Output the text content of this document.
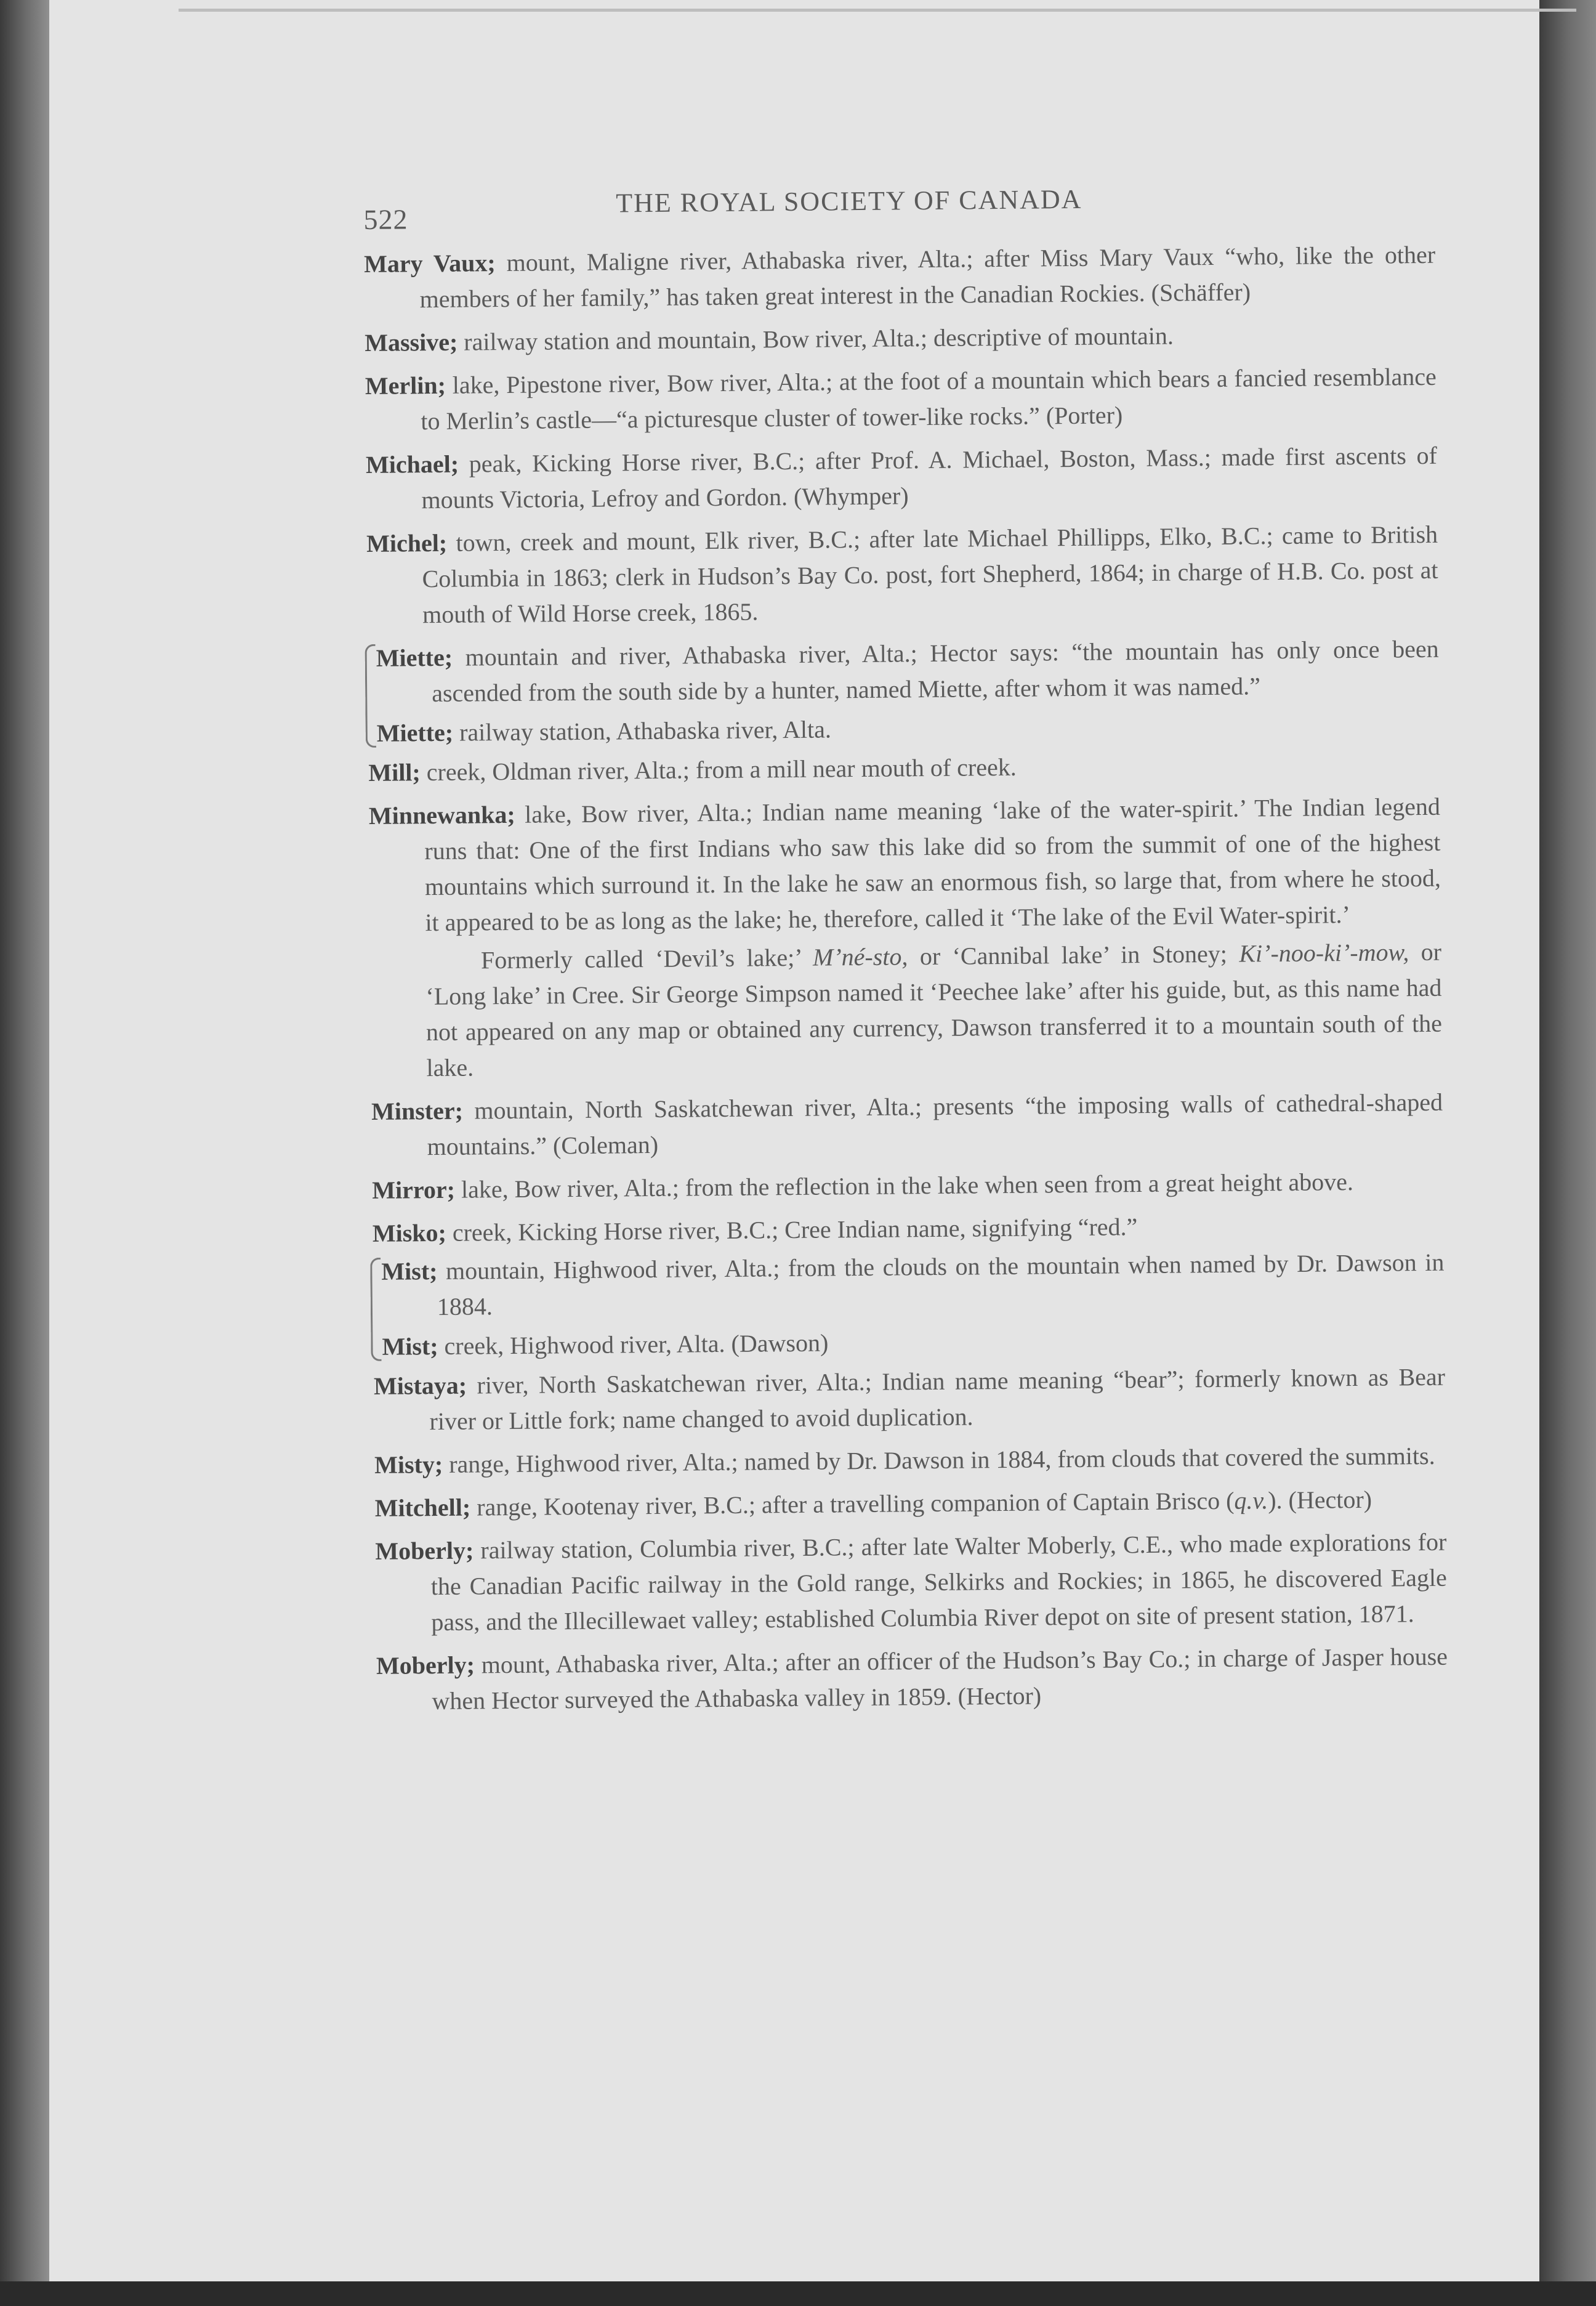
522
THE ROYAL SOCIETY OF CANADA

Mary Vaux; mount, Maligne river, Athabaska river, Alta.; after Miss Mary Vaux “who, like the other members of her family,” has taken great interest in the Canadian Rockies. (Schäffer)

Massive; railway station and mountain, Bow river, Alta.; descriptive of mountain.

Merlin; lake, Pipestone river, Bow river, Alta.; at the foot of a mountain which bears a fancied resemblance to Merlin’s castle—“a picturesque cluster of tower-like rocks.” (Porter)

Michael; peak, Kicking Horse river, B.C.; after Prof. A. Michael, Boston, Mass.; made first ascents of mounts Victoria, Lefroy and Gordon. (Whymper)

Michel; town, creek and mount, Elk river, B.C.; after late Michael Phillipps, Elko, B.C.; came to British Columbia in 1863; clerk in Hudson’s Bay Co. post, fort Shepherd, 1864; in charge of H.B. Co. post at mouth of Wild Horse creek, 1865.

Miette; mountain and river, Athabaska river, Alta.; Hector says: “the mountain has only once been ascended from the south side by a hunter, named Miette, after whom it was named.”

Miette; railway station, Athabaska river, Alta.

Mill; creek, Oldman river, Alta.; from a mill near mouth of creek.

Minnewanka; lake, Bow river, Alta.; Indian name meaning ‘lake of the water-spirit.’ The Indian legend runs that: One of the first Indians who saw this lake did so from the summit of one of the highest mountains which surround it. In the lake he saw an enormous fish, so large that, from where he stood, it appeared to be as long as the lake; he, therefore, called it ‘The lake of the Evil Water-spirit.’

Formerly called ‘Devil’s lake;’ M’né-sto, or ‘Cannibal lake’ in Stoney; Ki’-noo-ki’-mow, or ‘Long lake’ in Cree. Sir George Simpson named it ‘Peechee lake’ after his guide, but, as this name had not appeared on any map or obtained any currency, Dawson transferred it to a mountain south of the lake.

Minster; mountain, North Saskatchewan river, Alta.; presents “the imposing walls of cathedral-shaped mountains.” (Coleman)

Mirror; lake, Bow river, Alta.; from the reflection in the lake when seen from a great height above.

Misko; creek, Kicking Horse river, B.C.; Cree Indian name, signifying “red.”

Mist; mountain, Highwood river, Alta.; from the clouds on the mountain when named by Dr. Dawson in 1884.

Mist; creek, Highwood river, Alta. (Dawson)

Mistaya; river, North Saskatchewan river, Alta.; Indian name meaning “bear”; formerly known as Bear river or Little fork; name changed to avoid duplication.

Misty; range, Highwood river, Alta.; named by Dr. Dawson in 1884, from clouds that covered the summits.

Mitchell; range, Kootenay river, B.C.; after a travelling companion of Captain Brisco (q.v.). (Hector)

Moberly; railway station, Columbia river, B.C.; after late Walter Moberly, C.E., who made explorations for the Canadian Pacific railway in the Gold range, Selkirks and Rockies; in 1865, he discovered Eagle pass, and the Illecillewaet valley; established Columbia River depot on site of present station, 1871.

Moberly; mount, Athabaska river, Alta.; after an officer of the Hudson’s Bay Co.; in charge of Jasper house when Hector surveyed the Athabaska valley in 1859. (Hector)
